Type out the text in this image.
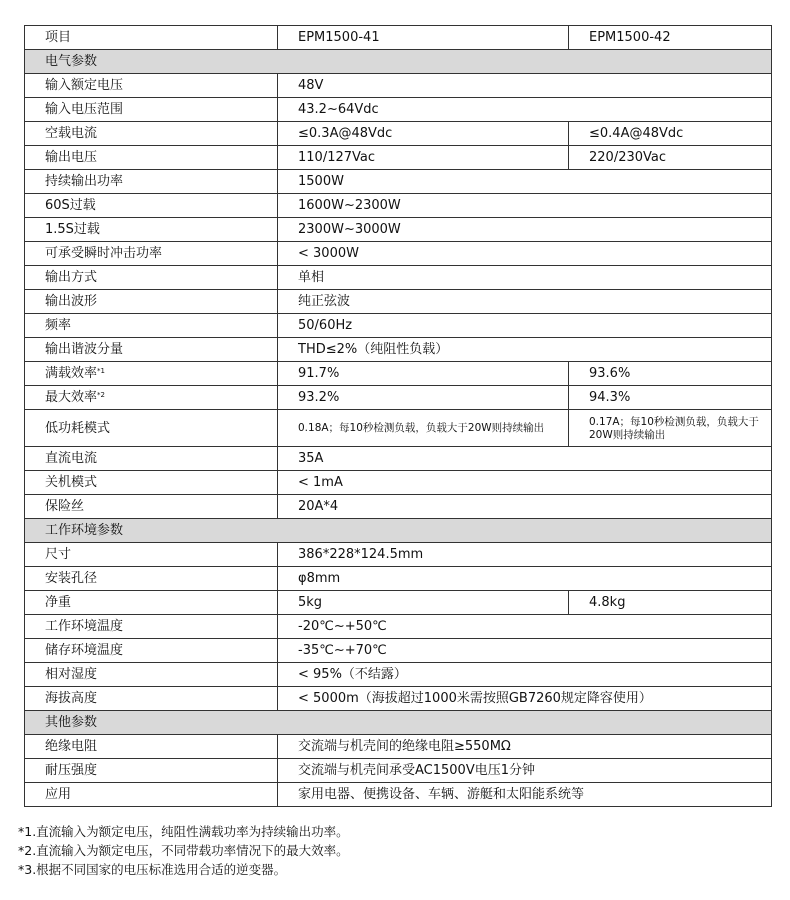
项目	EPM1500-41	EPM1500-42
电气参数		
输入额定电压	48V	
输入电压范围	43.2~64Vdc	
空载电流	≤0.3A@48Vdc	≤0.4A@48Vdc
输出电压	110/127Vac	220/230Vac
持续输出功率	1500W	
60S过载	1600W~2300W	
1.5S过载	2300W~3000W	
可承受瞬时冲击功率	< 3000W	
输出方式	单相	
输出波形	纯正弦波	
频率	50/60Hz	
输出谐波分量	THD≤2%（纯阻性负载）	
满载效率$^{*1}$	91.7%	93.6%
最大效率$^{*2}$	93.2%	94.3%
低功耗模式	0.18A；每10秒检测负载，负载大于20W则持续输出	0.17A；每10秒检测负载，负载大于20W则持续输出
直流电流	35A	
关机模式	< 1mA	
保险丝	20A*4	
工作环境参数		
尺寸	386*228*124.5mm	
安装孔径	φ8mm	
净重	5kg	4.8kg
工作环境温度	-20℃~+50℃	
储存环境温度	-35℃~+70℃	
相对湿度	< 95%（不结露）	
海拔高度	< 5000m（海拔超过1000米需按照GB7260规定降容使用）	
其他参数		
绝缘电阻	交流端与机壳间的绝缘电阻≥550MΩ	
耐压强度	交流端与机壳间承受AC1500V电压1分钟	
应用	家用电器、便携设备、车辆、游艇和太阳能系统等	
*1.直流输入为额定电压，纯阻性满载功率为持续输出功率。
*2.直流输入为额定电压，不同带载功率情况下的最大效率。
*3.根据不同国家的电压标准选用合适的逆变器。
